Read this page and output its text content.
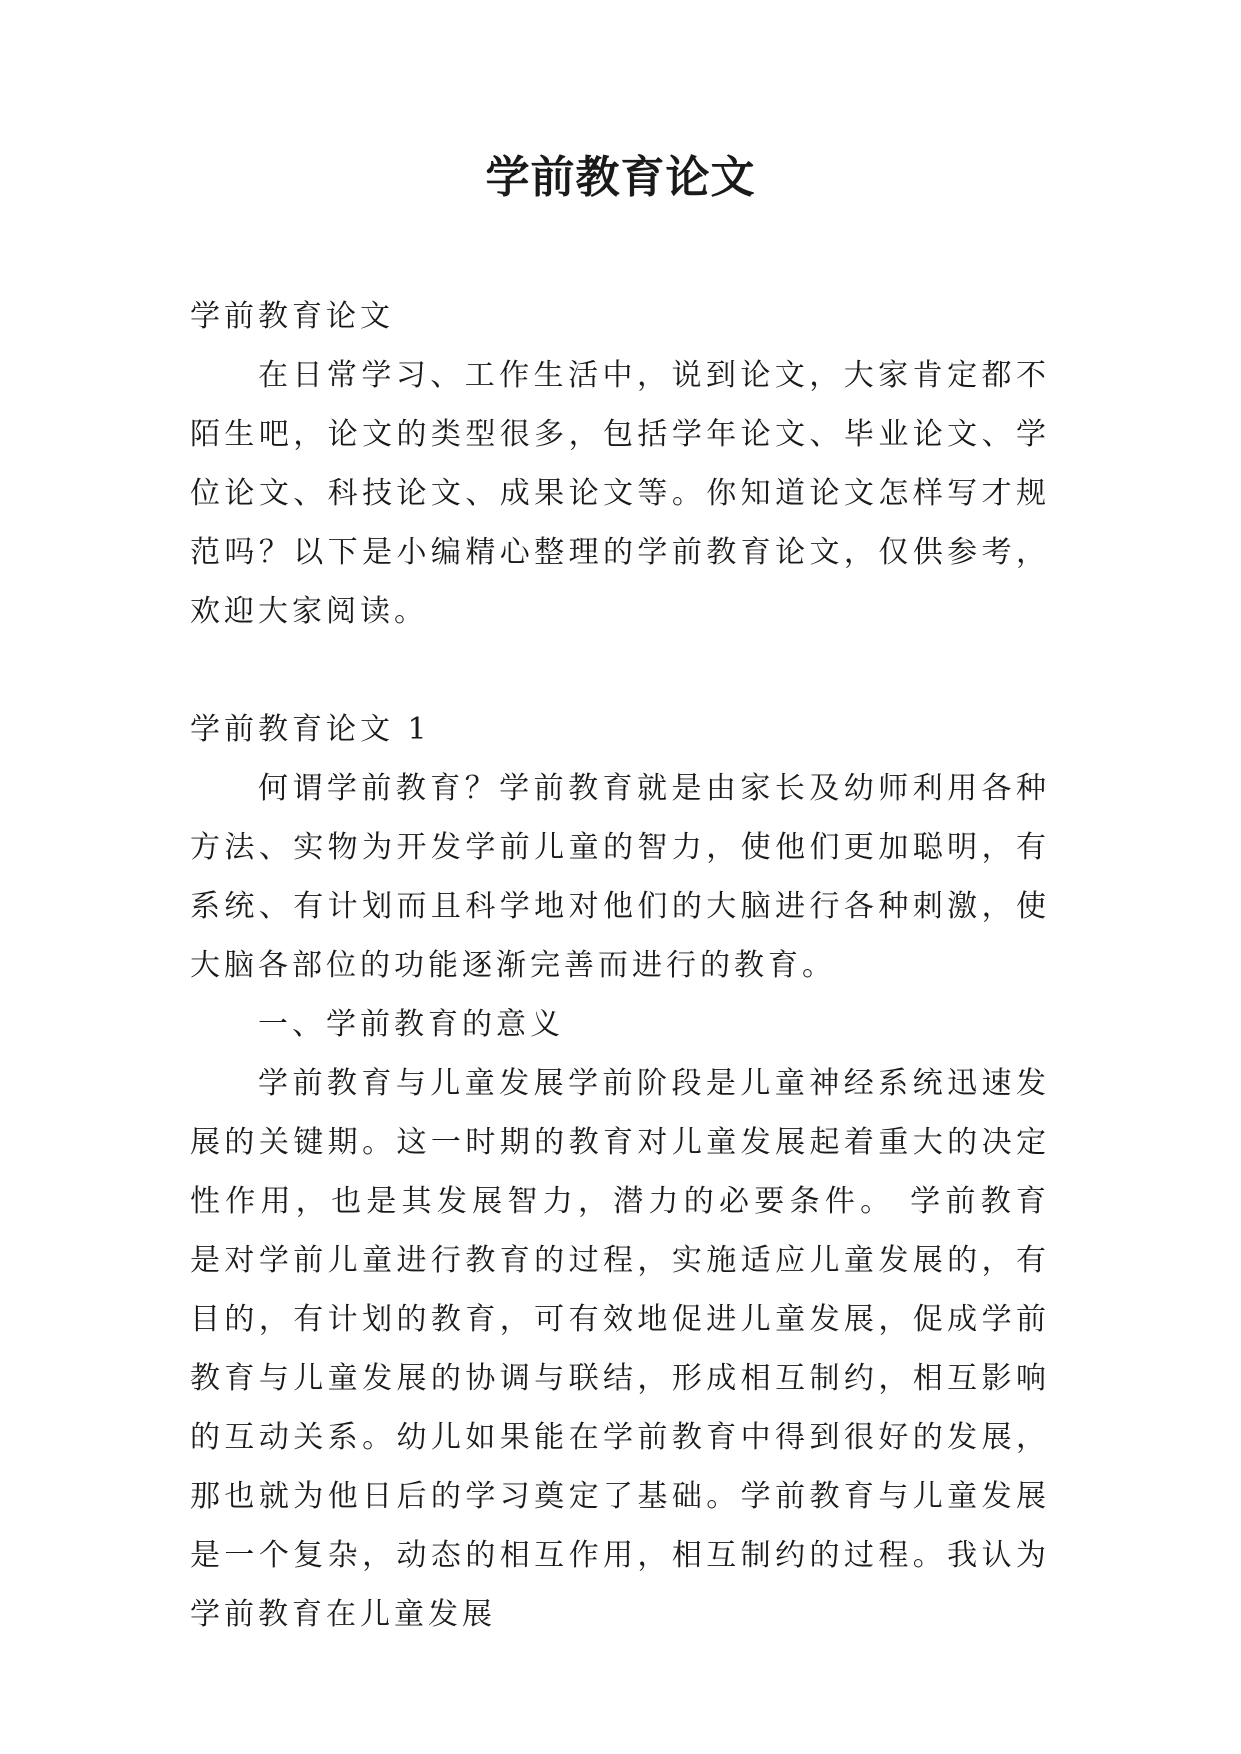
学前教育论文

学前教育论文

在日常学习、工作生活中，说到论文，大家肯定都不陌生吧，论文的类型很多，包括学年论文、毕业论文、学位论文、科技论文、成果论文等。你知道论文怎样写才规范吗？以下是小编精心整理的学前教育论文，仅供参考，欢迎大家阅读。

学前教育论文 1

何谓学前教育？学前教育就是由家长及幼师利用各种方法、实物为开发学前儿童的智力，使他们更加聪明，有系统、有计划而且科学地对他们的大脑进行各种刺激，使大脑各部位的功能逐渐完善而进行的教育。

一、学前教育的意义

学前教育与儿童发展学前阶段是儿童神经系统迅速发展的关键期。这一时期的教育对儿童发展起着重大的决定性作用，也是其发展智力，潜力的必要条件。 学前教育是对学前儿童进行教育的过程，实施适应儿童发展的，有目的，有计划的教育，可有效地促进儿童发展，促成学前教育与儿童发展的协调与联结，形成相互制约，相互影响的互动关系。幼儿如果能在学前教育中得到很好的发展，那也就为他日后的学习奠定了基础。学前教育与儿童发展是一个复杂，动态的相互作用，相互制约的过程。我认为学前教育在儿童发展
